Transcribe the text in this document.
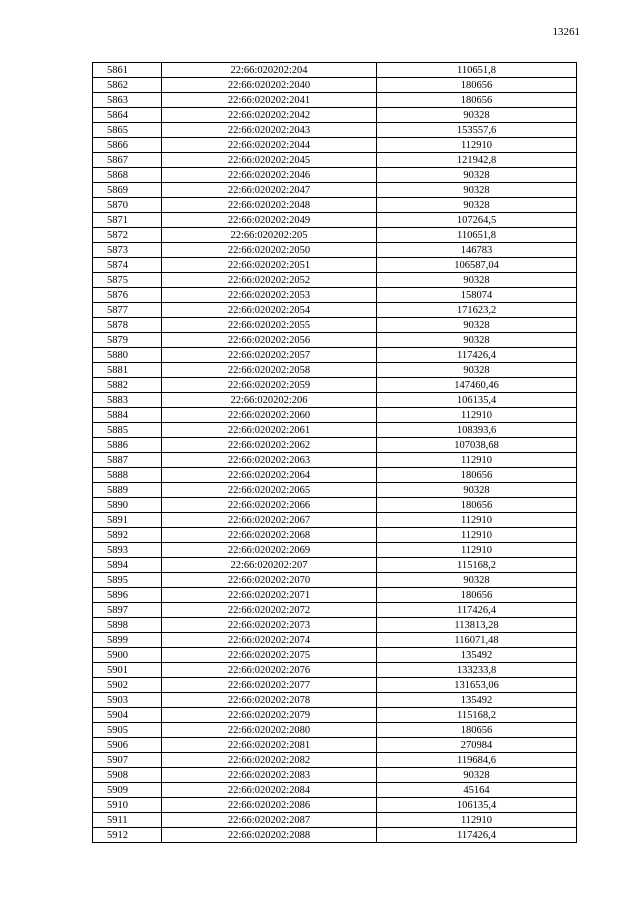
13261
5861	22:66:020202:204	110651,8
5862	22:66:020202:2040	180656
5863	22:66:020202:2041	180656
5864	22:66:020202:2042	90328
5865	22:66:020202:2043	153557,6
5866	22:66:020202:2044	112910
5867	22:66:020202:2045	121942,8
5868	22:66:020202:2046	90328
5869	22:66:020202:2047	90328
5870	22:66:020202:2048	90328
5871	22:66:020202:2049	107264,5
5872	22:66:020202:205	110651,8
5873	22:66:020202:2050	146783
5874	22:66:020202:2051	106587,04
5875	22:66:020202:2052	90328
5876	22:66:020202:2053	158074
5877	22:66:020202:2054	171623,2
5878	22:66:020202:2055	90328
5879	22:66:020202:2056	90328
5880	22:66:020202:2057	117426,4
5881	22:66:020202:2058	90328
5882	22:66:020202:2059	147460,46
5883	22:66:020202:206	106135,4
5884	22:66:020202:2060	112910
5885	22:66:020202:2061	108393,6
5886	22:66:020202:2062	107038,68
5887	22:66:020202:2063	112910
5888	22:66:020202:2064	180656
5889	22:66:020202:2065	90328
5890	22:66:020202:2066	180656
5891	22:66:020202:2067	112910
5892	22:66:020202:2068	112910
5893	22:66:020202:2069	112910
5894	22:66:020202:207	115168,2
5895	22:66:020202:2070	90328
5896	22:66:020202:2071	180656
5897	22:66:020202:2072	117426,4
5898	22:66:020202:2073	113813,28
5899	22:66:020202:2074	116071,48
5900	22:66:020202:2075	135492
5901	22:66:020202:2076	133233,8
5902	22:66:020202:2077	131653,06
5903	22:66:020202:2078	135492
5904	22:66:020202:2079	115168,2
5905	22:66:020202:2080	180656
5906	22:66:020202:2081	270984
5907	22:66:020202:2082	119684,6
5908	22:66:020202:2083	90328
5909	22:66:020202:2084	45164
5910	22:66:020202:2086	106135,4
5911	22:66:020202:2087	112910
5912	22:66:020202:2088	117426,4
